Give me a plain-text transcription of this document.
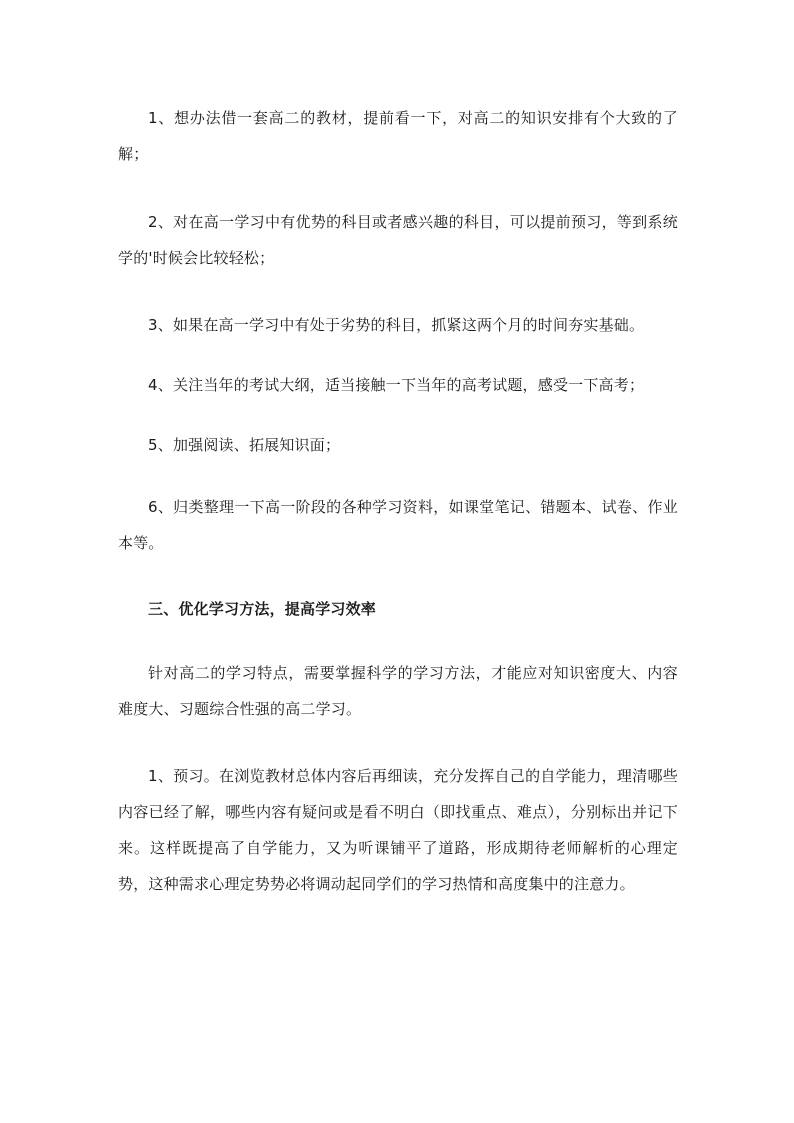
1、想办法借一套高二的教材，提前看一下，对高二的知识安排有个大致的了解；

2、对在高一学习中有优势的科目或者感兴趣的科目，可以提前预习，等到系统学的'时候会比较轻松；

3、如果在高一学习中有处于劣势的科目，抓紧这两个月的时间夯实基础。

4、关注当年的考试大纲，适当接触一下当年的高考试题，感受一下高考；

5、加强阅读、拓展知识面；

6、归类整理一下高一阶段的各种学习资料，如课堂笔记、错题本、试卷、作业本等。

三、优化学习方法，提高学习效率

针对高二的学习特点，需要掌握科学的学习方法，才能应对知识密度大、内容难度大、习题综合性强的高二学习。

1、预习。在浏览教材总体内容后再细读，充分发挥自己的自学能力，理清哪些内容已经了解，哪些内容有疑问或是看不明白（即找重点、难点），分别标出并记下来。这样既提高了自学能力，又为听课铺平了道路，形成期待老师解析的心理定势，这种需求心理定势势必将调动起同学们的学习热情和高度集中的注意力。
